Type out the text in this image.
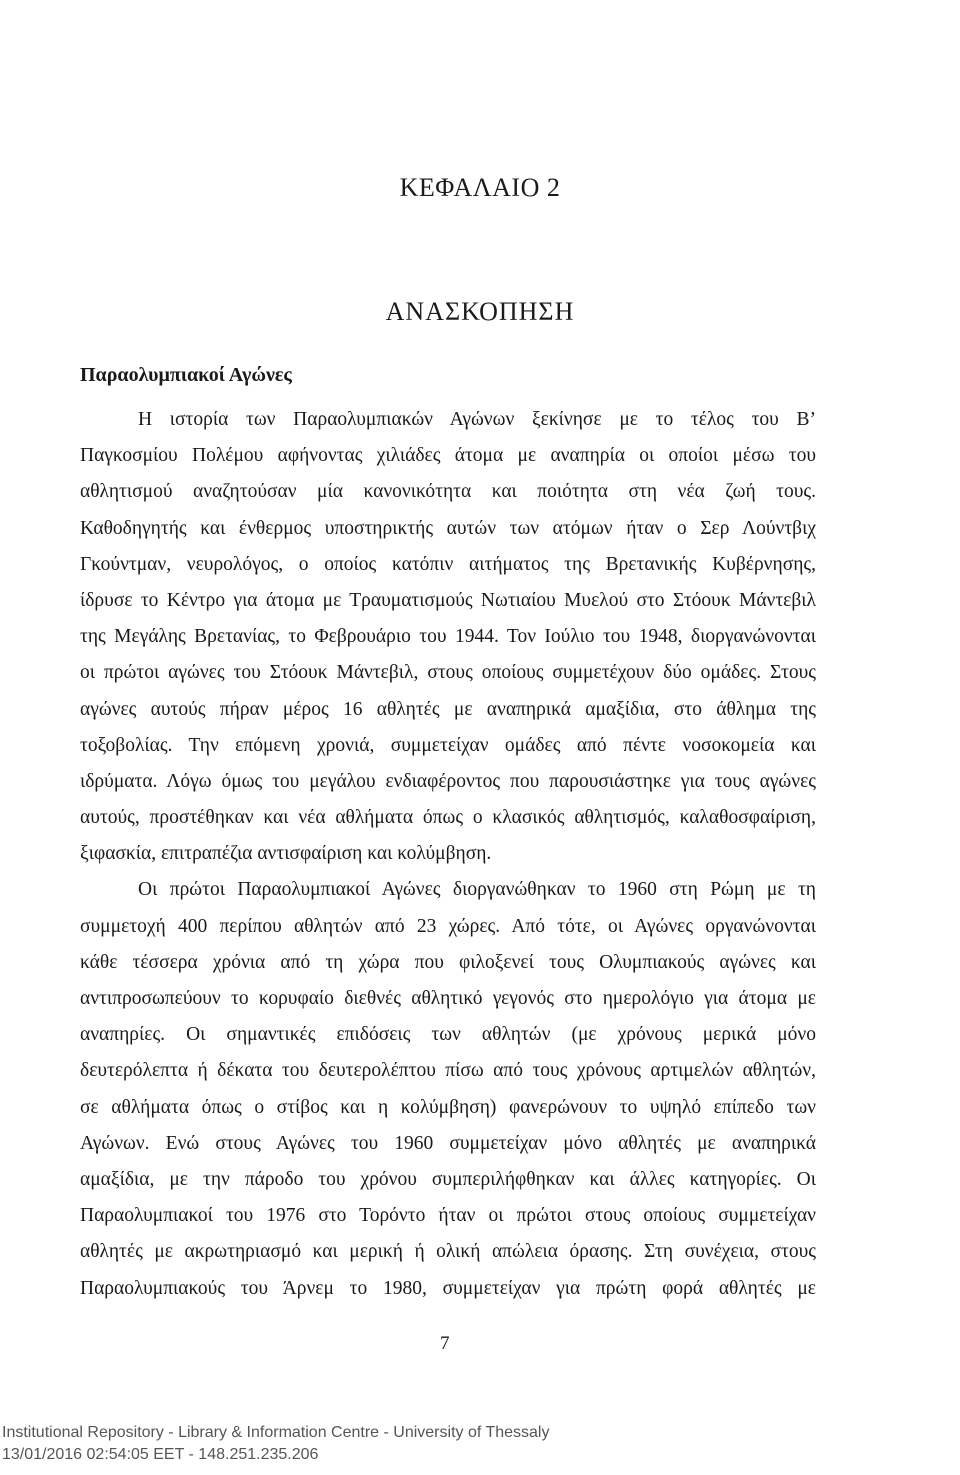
ΚΕΦΑΛΑΙΟ 2
ΑΝΑΣΚΟΠΗΣΗ
Παραολυμπιακοί Αγώνες
Η ιστορία των Παραολυμπιακών Αγώνων ξεκίνησε με το τέλος του Β’
Παγκοσμίου Πολέμου αφήνοντας χιλιάδες άτομα με αναπηρία οι οποίοι μέσω του
αθλητισμού αναζητούσαν μία κανονικότητα και ποιότητα στη νέα ζωή τους.
Καθοδηγητής και ένθερμος υποστηρικτής αυτών των ατόμων ήταν ο Σερ Λούντβιχ
Γκούντμαν, νευρολόγος, ο οποίος κατόπιν αιτήματος της Βρετανικής Κυβέρνησης,
ίδρυσε το Κέντρο για άτομα με Τραυματισμούς Νωτιαίου Μυελού στο Στόουκ Μάντεβιλ
της Μεγάλης Βρετανίας, το Φεβρουάριο του 1944. Τον Ιούλιο του 1948, διοργανώνονται
οι πρώτοι αγώνες του Στόουκ Μάντεβιλ, στους οποίους συμμετέχουν δύο ομάδες. Στους
αγώνες αυτούς πήραν μέρος 16 αθλητές με αναπηρικά αμαξίδια, στο άθλημα της
τοξοβολίας. Την επόμενη χρονιά, συμμετείχαν ομάδες από πέντε νοσοκομεία και
ιδρύματα. Λόγω όμως του μεγάλου ενδιαφέροντος που παρουσιάστηκε για τους αγώνες
αυτούς, προστέθηκαν και νέα αθλήματα όπως ο κλασικός αθλητισμός, καλαθοσφαίριση,
ξιφασκία, επιτραπέζια αντισφαίριση και κολύμβηση.
Οι πρώτοι Παραολυμπιακοί Αγώνες διοργανώθηκαν το 1960 στη Ρώμη με τη
συμμετοχή 400 περίπου αθλητών από 23 χώρες. Από τότε, οι Αγώνες οργανώνονται
κάθε τέσσερα χρόνια από τη χώρα που φιλοξενεί τους Ολυμπιακούς αγώνες και
αντιπροσωπεύουν το κορυφαίο διεθνές αθλητικό γεγονός στο ημερολόγιο για άτομα με
αναπηρίες. Οι σημαντικές επιδόσεις των αθλητών (με χρόνους μερικά μόνο
δευτερόλεπτα ή δέκατα του δευτερολέπτου πίσω από τους χρόνους αρτιμελών αθλητών,
σε αθλήματα όπως ο στίβος και η κολύμβηση) φανερώνουν το υψηλό επίπεδο των
Αγώνων. Ενώ στους Αγώνες του 1960 συμμετείχαν μόνο αθλητές με αναπηρικά
αμαξίδια, με την πάροδο του χρόνου συμπεριλήφθηκαν και άλλες κατηγορίες. Οι
Παραολυμπιακοί του 1976 στο Τορόντο ήταν οι πρώτοι στους οποίους συμμετείχαν
αθλητές με ακρωτηριασμό και μερική ή ολική απώλεια όρασης. Στη συνέχεια, στους
Παραολυμπιακούς του Άρνεμ το 1980, συμμετείχαν για πρώτη φορά αθλητές με
7
Institutional Repository - Library & Information Centre - University of Thessaly
13/01/2016 02:54:05 EET - 148.251.235.206
